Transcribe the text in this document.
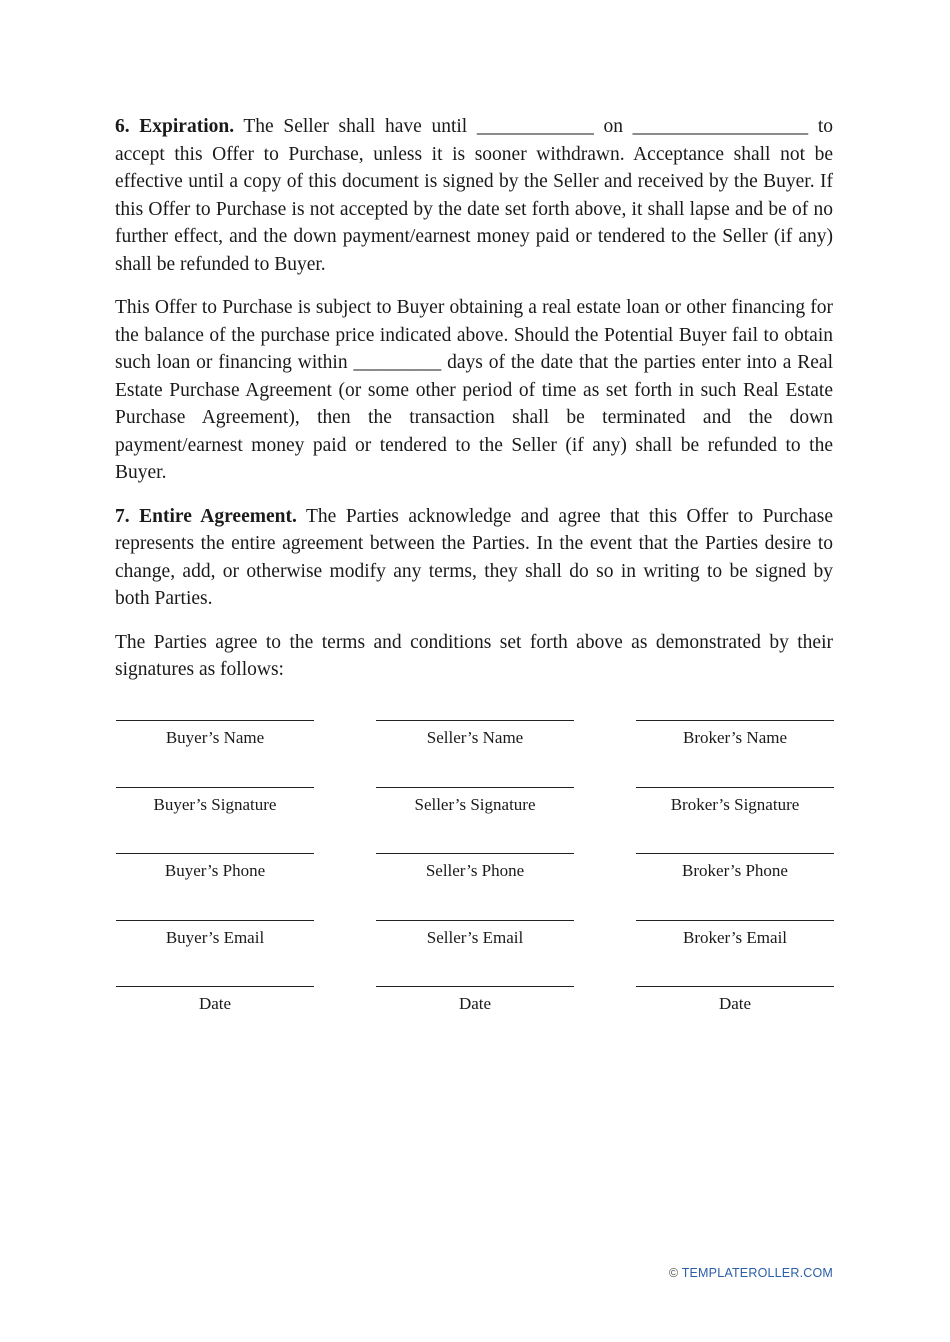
6. Expiration. The Seller shall have until ____________ on __________________ to accept this Offer to Purchase, unless it is sooner withdrawn. Acceptance shall not be effective until a copy of this document is signed by the Seller and received by the Buyer. If this Offer to Purchase is not accepted by the date set forth above, it shall lapse and be of no further effect, and the down payment/earnest money paid or tendered to the Seller (if any) shall be refunded to Buyer.

This Offer to Purchase is subject to Buyer obtaining a real estate loan or other financing for the balance of the purchase price indicated above. Should the Potential Buyer fail to obtain such loan or financing within _________ days of the date that the parties enter into a Real Estate Purchase Agreement (or some other period of time as set forth in such Real Estate Purchase Agreement), then the transaction shall be terminated and the down payment/earnest money paid or tendered to the Seller (if any) shall be refunded to the Buyer.

7. Entire Agreement. The Parties acknowledge and agree that this Offer to Purchase represents the entire agreement between the Parties. In the event that the Parties desire to change, add, or otherwise modify any terms, they shall do so in writing to be signed by both Parties.

The Parties agree to the terms and conditions set forth above as demonstrated by their signatures as follows:

Buyer’s Name	Seller’s Name	Broker’s Name
Buyer’s Signature	Seller’s Signature	Broker’s Signature
Buyer’s Phone	Seller’s Phone	Broker’s Phone
Buyer’s Email	Seller’s Email	Broker’s Email
Date	Date	Date
© TEMPLATEROLLER.COM
